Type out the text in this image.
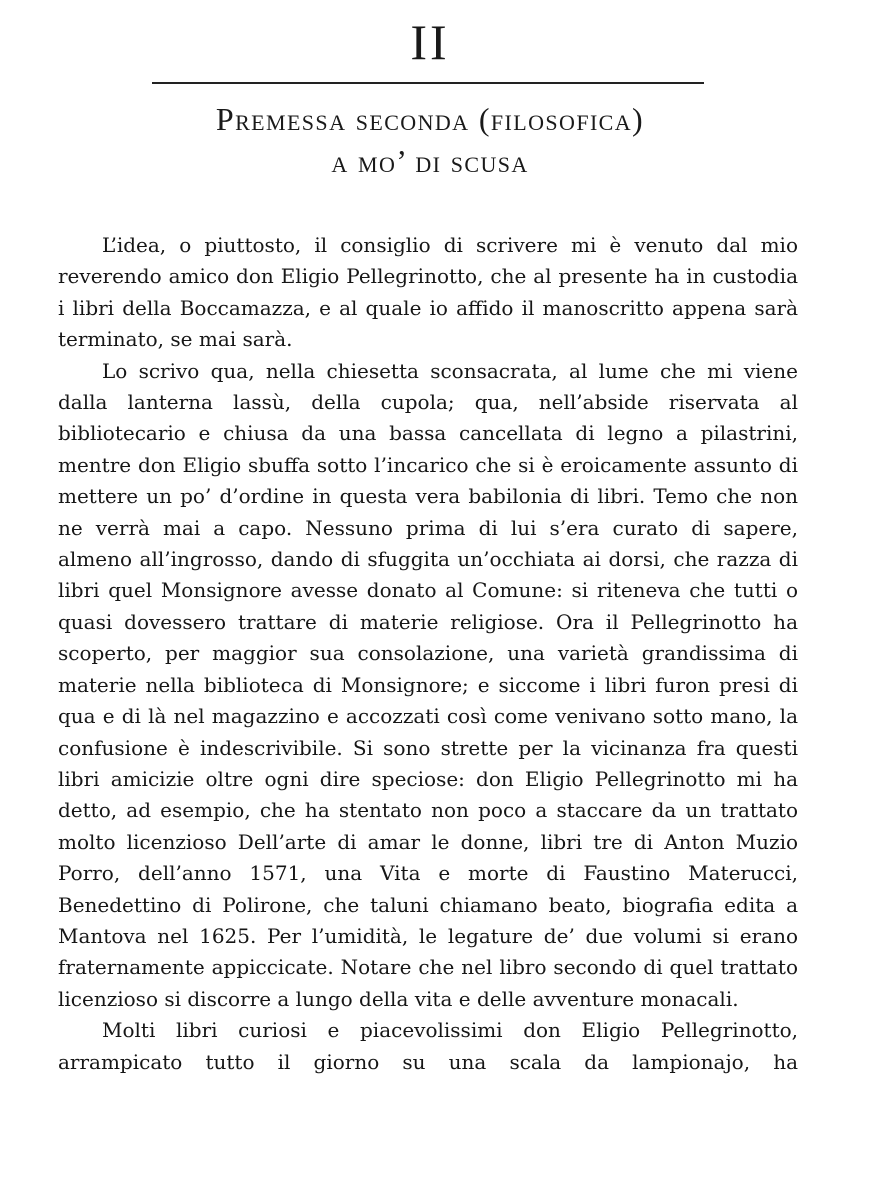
II
Premessa seconda (filosofica)
a mo’ di scusa

L’idea, o piuttosto, il consiglio di scrivere mi è venuto dal mio reverendo amico don Eligio Pellegrinotto, che al presente ha in custodia i libri della Boccamazza, e al quale io affido il manoscritto appena sarà terminato, se mai sarà.

Lo scrivo qua, nella chiesetta sconsacrata, al lume che mi viene dalla lanterna lassù, della cupola; qua, nell’abside riservata al bibliotecario e chiusa da una bassa cancellata di legno a pilastrini, mentre don Eligio sbuffa sotto l’incarico che si è eroicamente assunto di mettere un po’ d’ordine in questa vera babilonia di libri. Temo che non ne verrà mai a capo. Nessuno prima di lui s’era curato di sapere, almeno all’ingrosso, dando di sfuggita un’occhiata ai dorsi, che razza di libri quel Monsignore avesse donato al Comune: si riteneva che tutti o quasi dovessero trattare di materie religiose. Ora il Pellegrinotto ha scoperto, per maggior sua consolazione, una varietà grandissima di materie nella biblioteca di Monsignore; e siccome i libri furon presi di qua e di là nel magazzino e accozzati così come venivano sotto mano, la confusione è indescrivibile. Si sono strette per la vicinanza fra questi libri amicizie oltre ogni dire speciose: don Eligio Pellegrinotto mi ha detto, ad esempio, che ha stentato non poco a staccare da un trattato molto licenzioso Dell’arte di amar le donne, libri tre di Anton Muzio Porro, dell’anno 1571, una Vita e morte di Faustino Materucci, Benedettino di Polirone, che taluni chiamano beato, biografia edita a Mantova nel 1625. Per l’umidità, le legature de’ due volumi si erano fraternamente appiccicate. Notare che nel libro secondo di quel trattato licenzioso si discorre a lungo della vita e delle avventure monacali.

Molti libri curiosi e piacevolissimi don Eligio Pellegrinotto, arrampicato tutto il giorno su una scala da lampionajo, ha
